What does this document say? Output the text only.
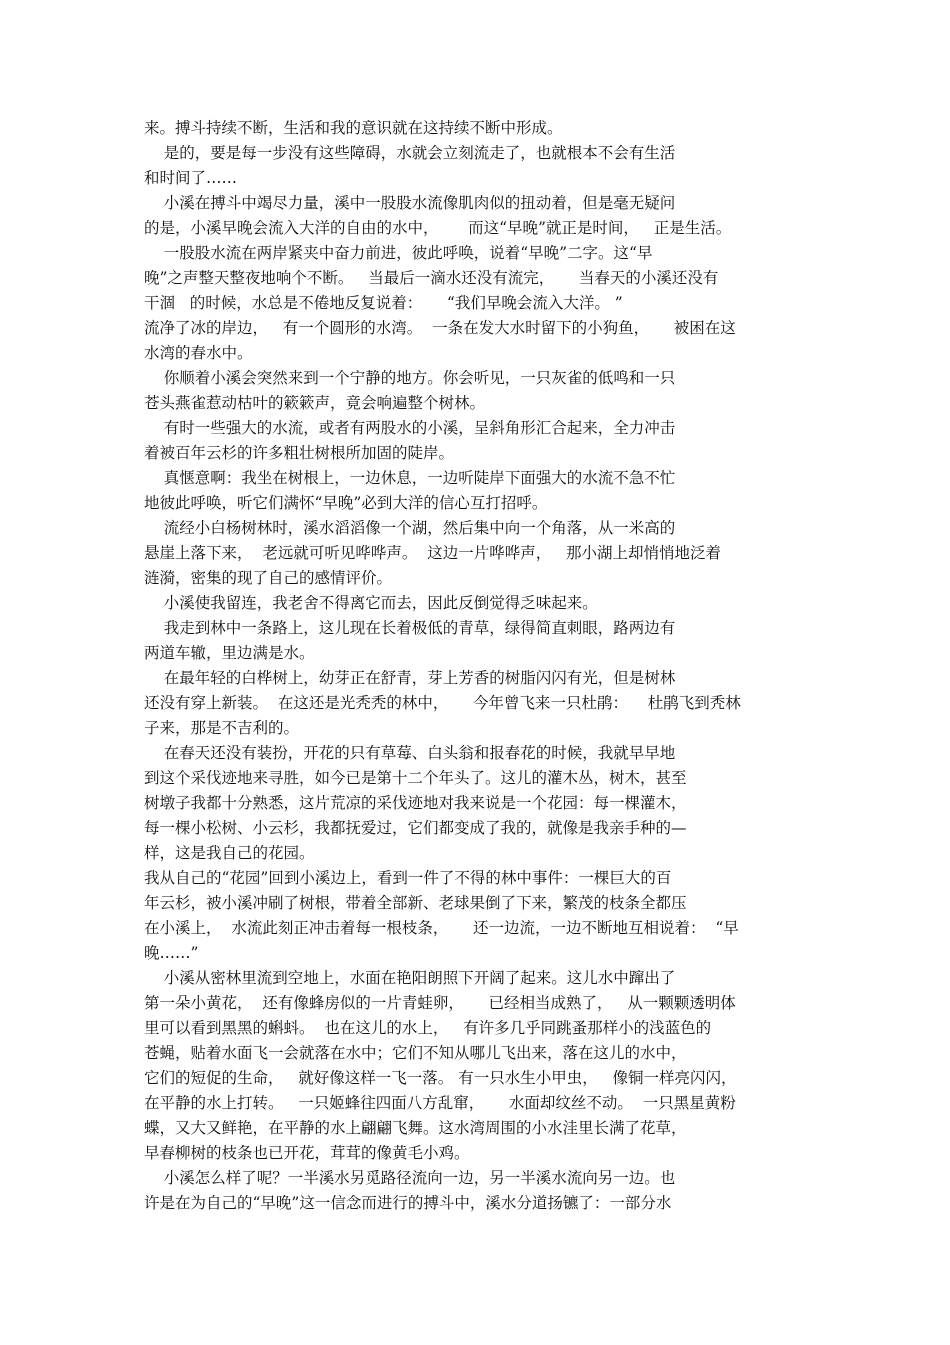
来。搏斗持续不断，生活和我的意识就在这持续不断中形成。
是的，要是每一步没有这些障碍，水就会立刻流走了，也就根本不会有生活
和时间了……
小溪在搏斗中竭尽力量，溪中一股股水流像肌肉似的扭动着，但是毫无疑问
的是，小溪早晚会流入大洋的自由的水中，      而这“早晚”就正是时间，   正是生活。
一股股水流在两岸紧夹中奋力前进，彼此呼唤，说着“早晚”二字。这“早
晚”之声整天整夜地响个不断。   当最后一滴水还没有流完，     当春天的小溪还没有
干涸   的时候，水总是不倦地反复说着：     “我们早晚会流入大洋。 ”
流净了冰的岸边，   有一个圆形的水湾。  一条在发大水时留下的小狗鱼，     被困在这
水湾的春水中。
你顺着小溪会突然来到一个宁静的地方。你会听见，一只灰雀的低鸣和一只
苍头燕雀惹动枯叶的簌簌声，竟会响遍整个树林。
有时一些强大的水流，或者有两股水的小溪，呈斜角形汇合起来，全力冲击
着被百年云杉的许多粗壮树根所加固的陡岸。
真惬意啊：我坐在树根上，一边休息，一边听陡岸下面强大的水流不急不忙
地彼此呼唤，听它们满怀“早晚”必到大洋的信心互打招呼。
流经小白杨树林时，溪水滔滔像一个湖，然后集中向一个角落，从一米高的
悬崖上落下来，  老远就可听见哗哗声。  这边一片哗哗声，   那小湖上却悄悄地泛着
涟漪，密集的现了自己的感情评价。
小溪使我留连，我老舍不得离它而去，因此反倒觉得乏味起来。
我走到林中一条路上，这儿现在长着极低的青草，绿得简直刺眼，路两边有
两道车辙，里边满是水。
在最年轻的白桦树上，幼芽正在舒青，芽上芳香的树脂闪闪有光，但是树林
还没有穿上新装。  在这还是光秃秃的林中，     今年曾飞来一只杜鹃：    杜鹃飞到秃林
子来，那是不吉利的。
在春天还没有装扮，开花的只有草莓、白头翁和报春花的时候，我就早早地
到这个采伐迹地来寻胜，如今已是第十二个年头了。这儿的灌木丛，树木，甚至
树墩子我都十分熟悉，这片荒凉的采伐迹地对我来说是一个花园：每一棵灌木，
每一棵小松树、小云杉，我都抚爱过，它们都变成了我的，就像是我亲手种的—
样，这是我自己的花园。
我从自己的“花园”回到小溪边上，看到一件了不得的林中事件：一棵巨大的百
年云杉，被小溪冲刷了树根，带着全部新、老球果倒了下来，繁茂的枝条全都压
在小溪上，  水流此刻正冲击着每一根枝条，     还一边流，一边不断地互相说着：  “早
晚……”
小溪从密林里流到空地上，水面在艳阳朗照下开阔了起来。这儿水中蹿出了
第一朵小黄花，  还有像蜂房似的一片青蛙卵，     已经相当成熟了，   从一颗颗透明体
里可以看到黑黑的蝌蚪。  也在这儿的水上，   有许多几乎同跳蚤那样小的浅蓝色的
苍蝇，贴着水面飞一会就落在水中；它们不知从哪儿飞出来，落在这儿的水中，
它们的短促的生命，   就好像这样一飞一落。 有一只水生小甲虫，   像铜一样亮闪闪，
在平静的水上打转。   一只姬蜂往四面八方乱窜，     水面却纹丝不动。  一只黑星黄粉
蝶，又大又鲜艳，在平静的水上翩翩飞舞。这水湾周围的小水洼里长满了花草，
早春柳树的枝条也已开花，茸茸的像黄毛小鸡。
小溪怎么样了呢？一半溪水另觅路径流向一边，另一半溪水流向另一边。也
许是在为自己的“早晚”这一信念而进行的搏斗中，溪水分道扬镳了：一部分水
